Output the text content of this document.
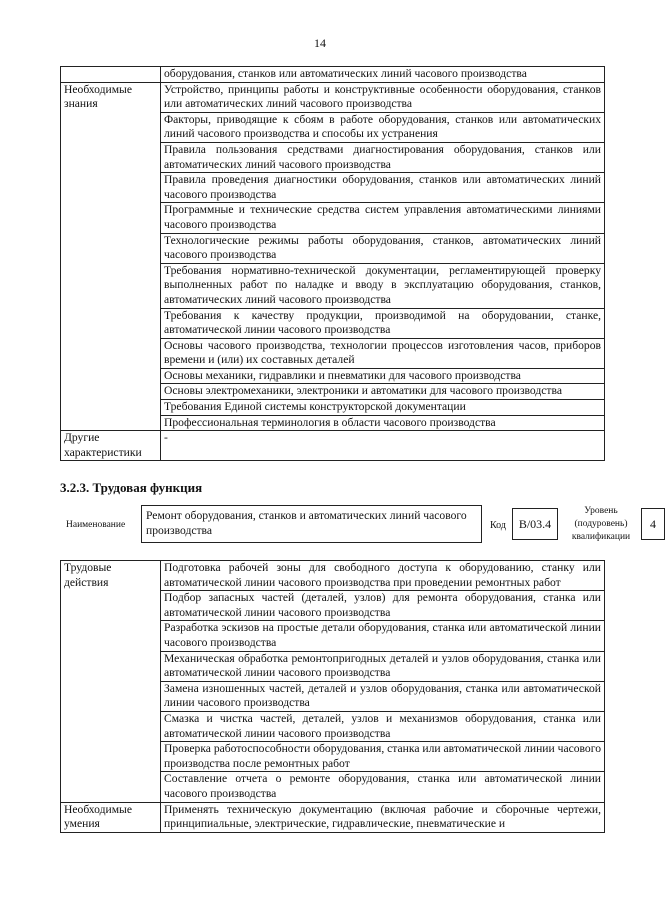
14
	оборудования, станков или автоматических линий часового производства
Необходимые знания	Устройство, принципы работы и конструктивные особенности оборудования, станков или автоматических линий часового производства
	Факторы, приводящие к сбоям в работе оборудования, станков или автоматических линий часового производства и способы их устранения
	Правила пользования средствами диагностирования оборудования, станков или автоматических линий часового производства
	Правила проведения диагностики оборудования, станков или автоматических линий часового производства
	Программные и технические средства систем управления автоматическими линиями часового производства
	Технологические режимы работы оборудования, станков, автоматических линий часового производства
	Требования нормативно-технической документации, регламентирующей проверку выполненных работ по наладке и вводу в эксплуатацию оборудования, станков, автоматических линий часового производства
	Требования к качеству продукции, производимой на оборудовании, станке, автоматической линии часового производства
	Основы часового производства, технологии процессов изготовления часов, приборов времени и (или) их составных деталей
	Основы механики, гидравлики и пневматики для часового производства
	Основы электромеханики, электроники и автоматики для часового производства
	Требования Единой системы конструкторской документации
	Профессиональная терминология в области часового производства
Другие характеристики	-
3.2.3. Трудовая функция
Наименование
Ремонт оборудования, станков и автоматических линий часового производства	Код	B/03.4
Уровень (подуровень) квалификации
4
Трудовые действия	Подготовка рабочей зоны для свободного доступа к оборудованию, станку или автоматической линии часового производства при проведении ремонтных работ
	Подбор запасных частей (деталей, узлов) для ремонта оборудования, станка или автоматической линии часового производства
	Разработка эскизов на простые детали оборудования, станка или автоматической линии часового производства
	Механическая обработка ремонтопригодных деталей и узлов оборудования, станка или автоматической линии часового производства
	Замена изношенных частей, деталей и узлов оборудования, станка или автоматической линии часового производства
	Смазка и чистка частей, деталей, узлов и механизмов оборудования, станка или автоматической линии часового производства
	Проверка работоспособности оборудования, станка или автоматической линии часового производства после ремонтных работ
	Составление отчета о ремонте оборудования, станка или автоматической линии часового производства
Необходимые умения	Применять техническую документацию (включая рабочие и сборочные чертежи, принципиальные, электрические, гидравлические, пневматические и
